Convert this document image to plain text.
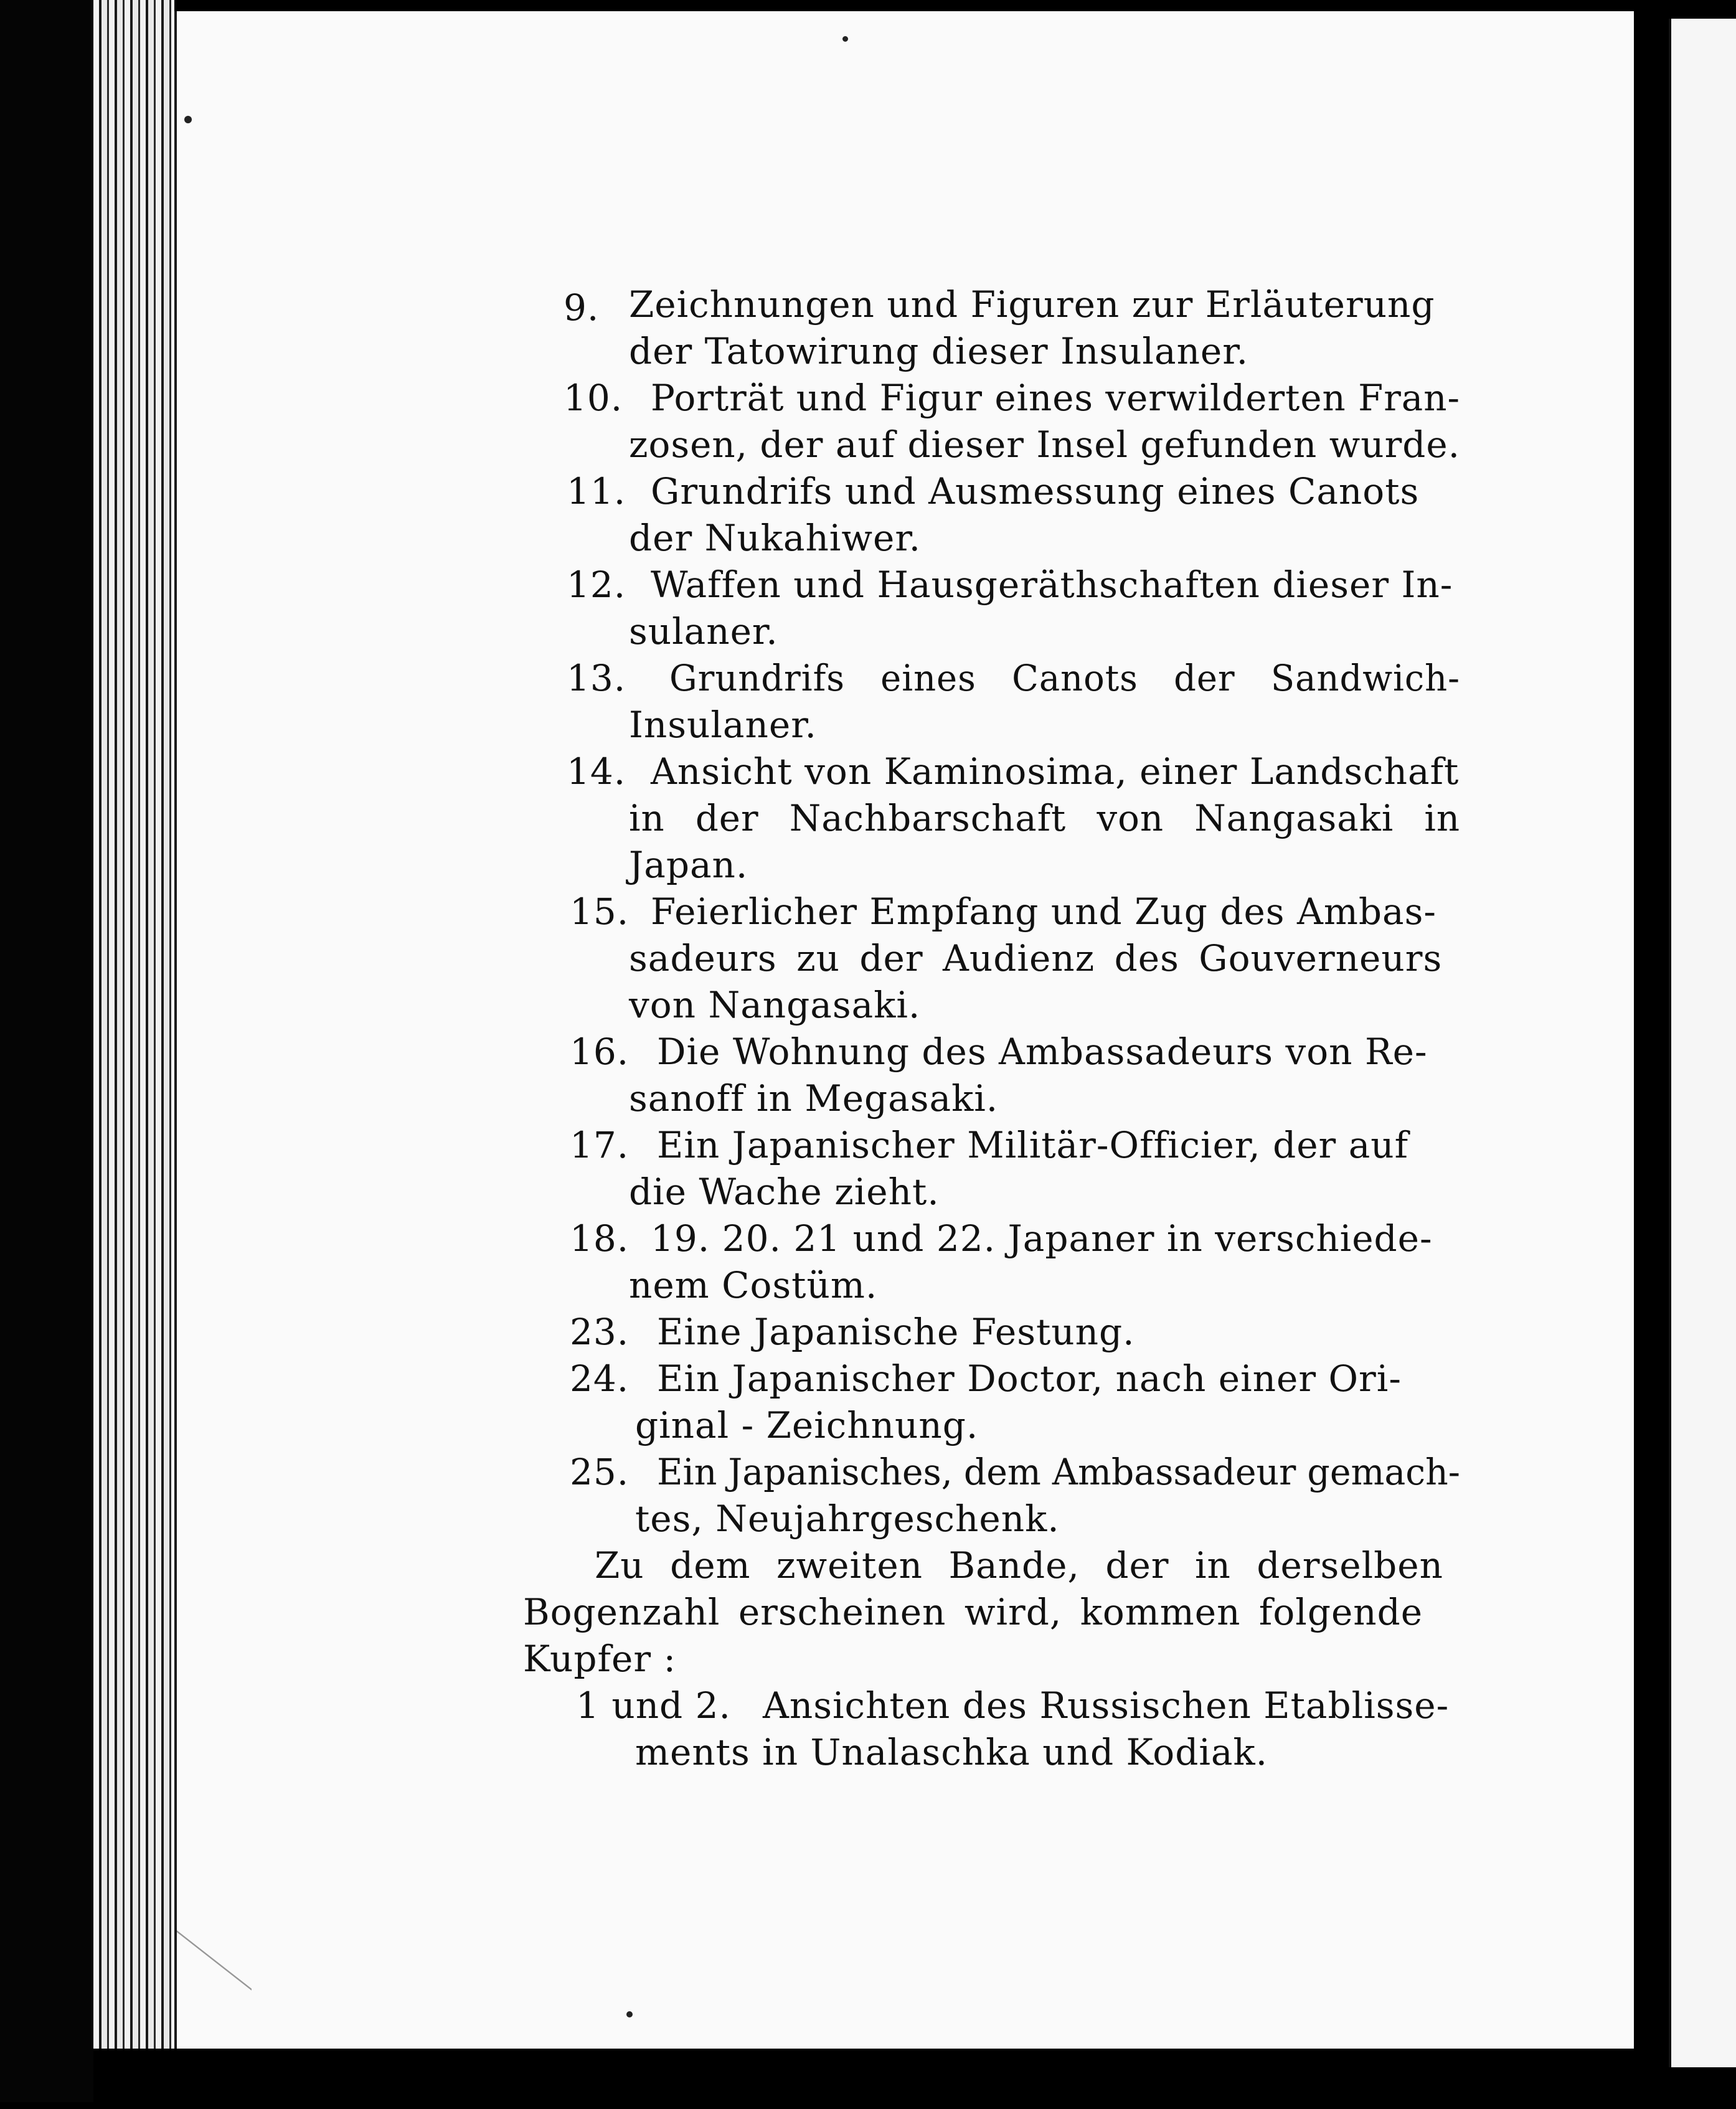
9. Zeichnungen und Figuren zur Erläuterung
der Tatowirung dieser Insulaner.
10. Porträt und Figur eines verwilderten Fran-
zosen, der auf dieser Insel gefunden wurde.
11. Grundrifs und Ausmessung eines Canots
der Nukahiwer.
12. Waffen und Hausgeräthschaften dieser In-
sulaner.
13. Grundrifs eines Canots der Sandwich-
Insulaner.
14. Ansicht von Kaminosima, einer Landschaft
in der Nachbarschaft von Nangasaki in
Japan.
15. Feierlicher Empfang und Zug des Ambas-
sadeurs zu der Audienz des Gouverneurs
von Nangasaki.
16. Die Wohnung des Ambassadeurs von Re-
sanoff in Megasaki.
17. Ein Japanischer Militär-Officier, der auf
die Wache zieht.
18. 19. 20. 21 und 22. Japaner in verschiede-
nem Costüm.
23. Eine Japanische Festung.
24. Ein Japanischer Doctor, nach einer Ori-
ginal - Zeichnung.
25. Ein Japanisches, dem Ambassadeur gemach-
tes, Neujahrgeschenk.
Zu dem zweiten Bande, der in derselben
Bogenzahl erscheinen wird, kommen folgende
Kupfer :
1 und 2. Ansichten des Russischen Etablisse-
ments in Unalaschka und Kodiak.
